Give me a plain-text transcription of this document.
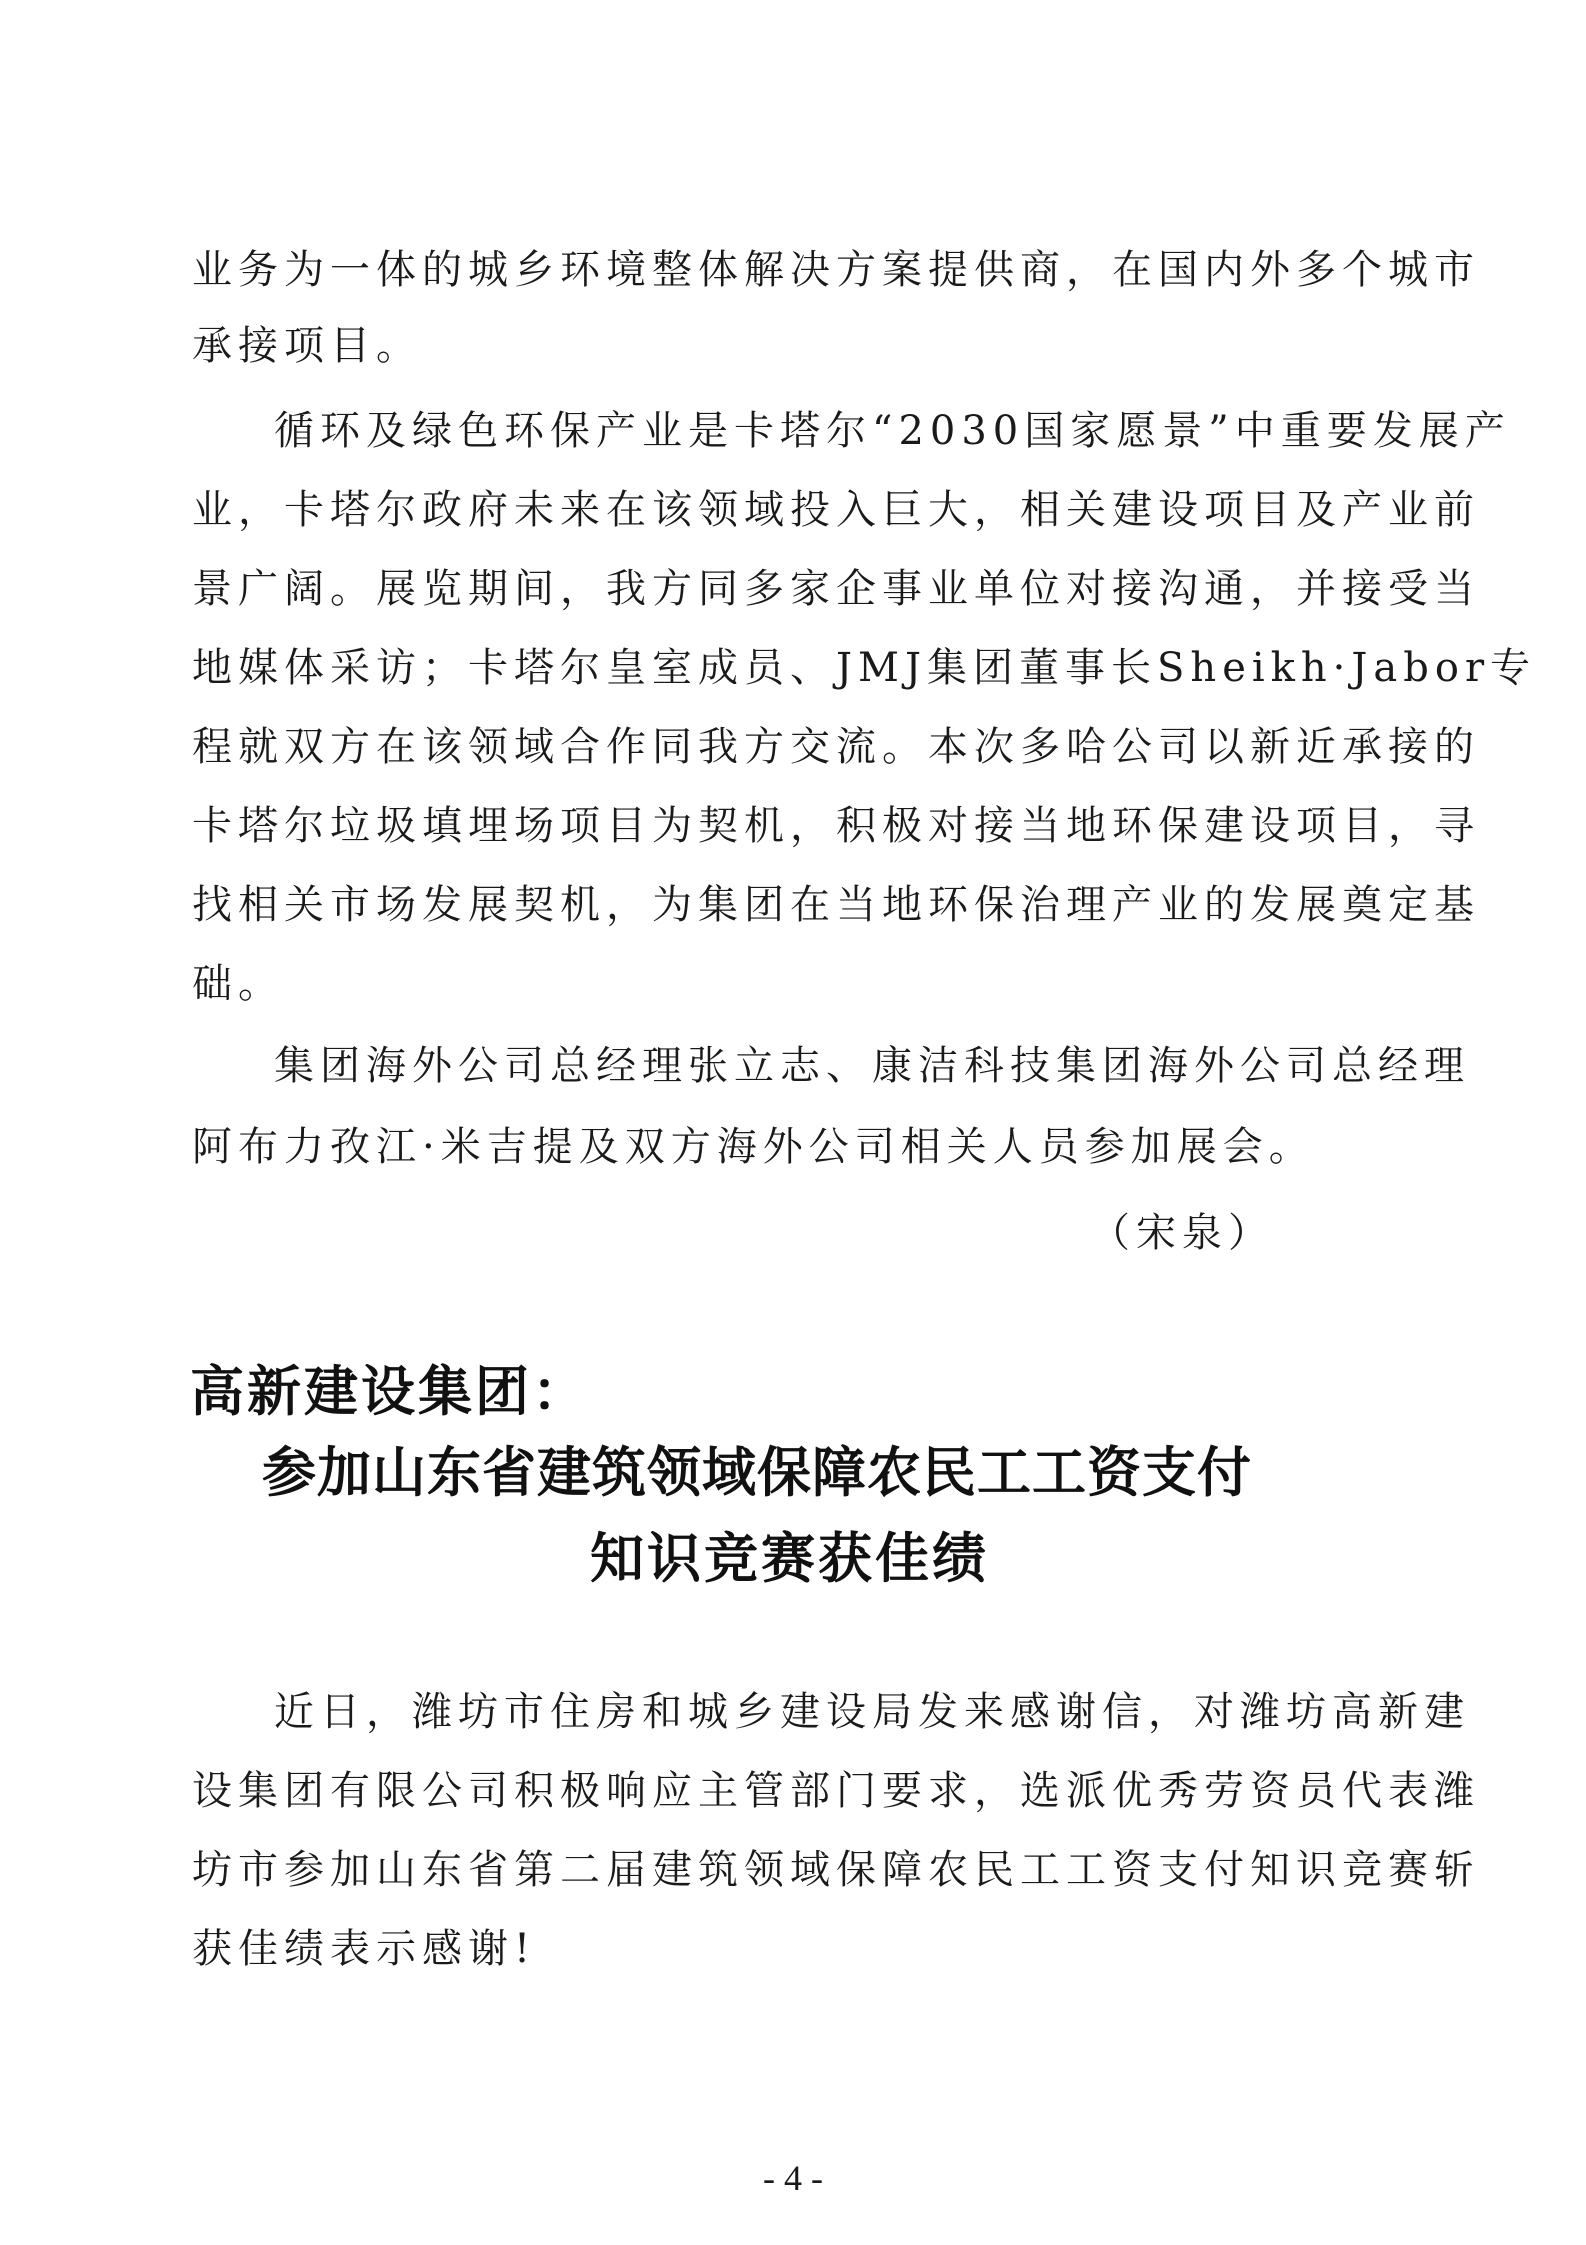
业务为一体的城乡环境整体解决方案提供商，在国内外多个城市
承接项目。
循环及绿色环保产业是卡塔尔“2030国家愿景”中重要发展产
业，卡塔尔政府未来在该领域投入巨大，相关建设项目及产业前
景广阔。展览期间，我方同多家企事业单位对接沟通，并接受当
地媒体采访；卡塔尔皇室成员、JMJ集团董事长Sheikh·Jabor专
程就双方在该领域合作同我方交流。本次多哈公司以新近承接的
卡塔尔垃圾填埋场项目为契机，积极对接当地环保建设项目，寻
找相关市场发展契机，为集团在当地环保治理产业的发展奠定基
础。
集团海外公司总经理张立志、康洁科技集团海外公司总经理
阿布力孜江·米吉提及双方海外公司相关人员参加展会。
（宋泉）
高新建设集团：
参加山东省建筑领域保障农民工工资支付
知识竞赛获佳绩
近日，潍坊市住房和城乡建设局发来感谢信，对潍坊高新建
设集团有限公司积极响应主管部门要求，选派优秀劳资员代表潍
坊市参加山东省第二届建筑领域保障农民工工资支付知识竞赛斩
获佳绩表示感谢!
- 4 -
